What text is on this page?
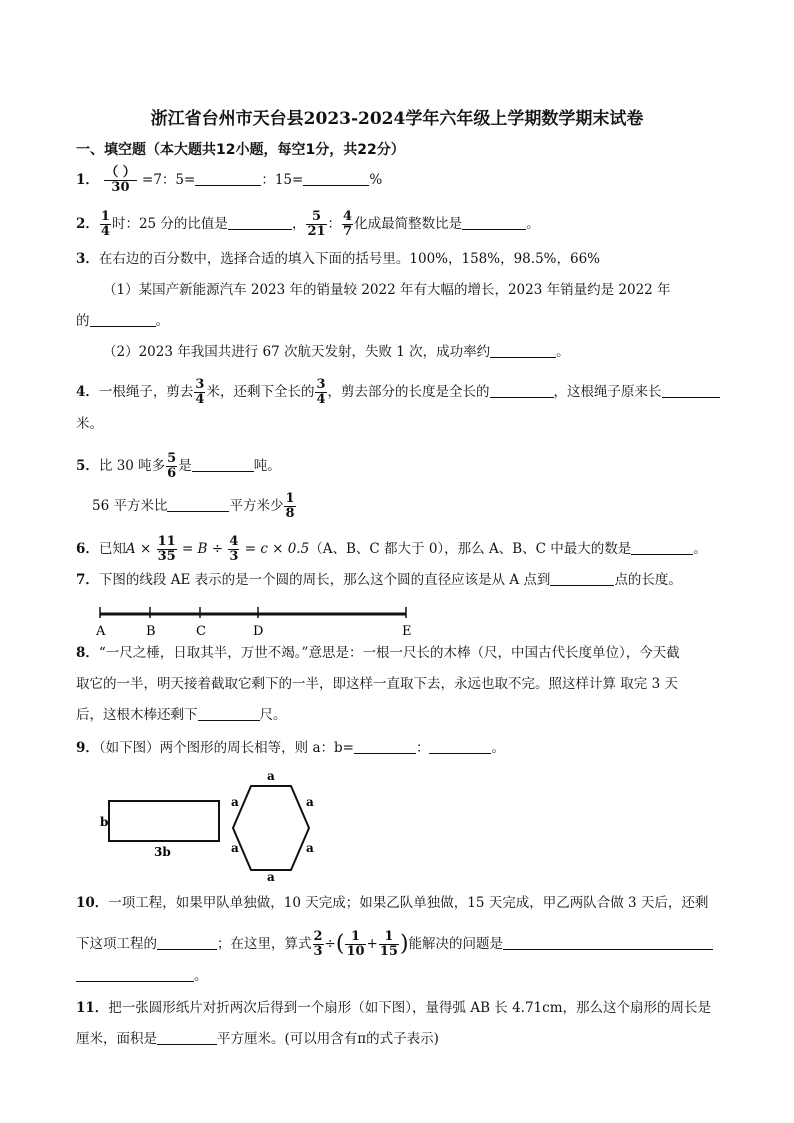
浙江省台州市天台县2023-2024学年六年级上学期数学期末试卷
一、填空题（本大题共12小题，每空1分，共22分）
1． $\frac{( )}{30} =7$：5=	：15=	%
2． $\frac{1}{4}$ 时：25 分的比值是	， $\frac{5}{21}$ ： $\frac{4}{7}$ 化成最简整数比是	。
3．在右边的百分数中，选择合适的填入下面的括号里。100%，158%，98.5%，66%
（1）某国产新能源汽车 2023 年的销量较 2022 年有大幅的增长，2023 年销量约是 2022 年
的	。
（2）2023 年我国共进行 67 次航天发射，失败 1 次，成功率约	。
4．一根绳子，剪去 $\frac{3}{4}$ 米，还剩下全长的 $\frac{3}{4}$ ，剪去部分的长度是全长的	，这根绳子原来长
米。
5．比 30 吨多 $\frac{5}{6}$ 是	吨。
56 平方米比	平方米少 $\frac{1}{8}$
6．已知$A \times \frac{11}{35} = B \div \frac{4}{3} = c \times 0.5(A$、B、C 都大于 0），那么 A、B、C 中最大的数是	。
7．下图的线段 AE 表示的是一个圆的周长，那么这个圆的直径应该是从 A 点到	点的长度。
A	B	C	D	E
8．“一尺之棰，日取其半，万世不竭。”意思是：一根一尺长的木棒（尺，中国古代长度单位），今天截
取它的一半，明天接着截取它剩下的一半，即这样一直取下去，永远也取不完。照这样计算 取完 3 天
后，这根木棒还剩下	尺。
9．（如下图）两个图形的周长相等，则 a：b=	：	。
b
3b
a
a	a
a	a
a
10．一项工程，如果甲队单独做，10 天完成；如果乙队单独做，15 天完成，甲乙两队合做 3 天后，还剩
下这项工程的	；在这里，算式 $\frac{2}{3}$ ÷( $\frac{1}{10} + \frac{1}{15}$ )能解决的问题是
。
11．把一张圆形纸片对折两次后得到一个扇形（如下图），量得弧 AB 长 4.71cm，那么这个扇形的周长是
厘米，面积是	平方厘米。(可以用含有π的式子表示)
